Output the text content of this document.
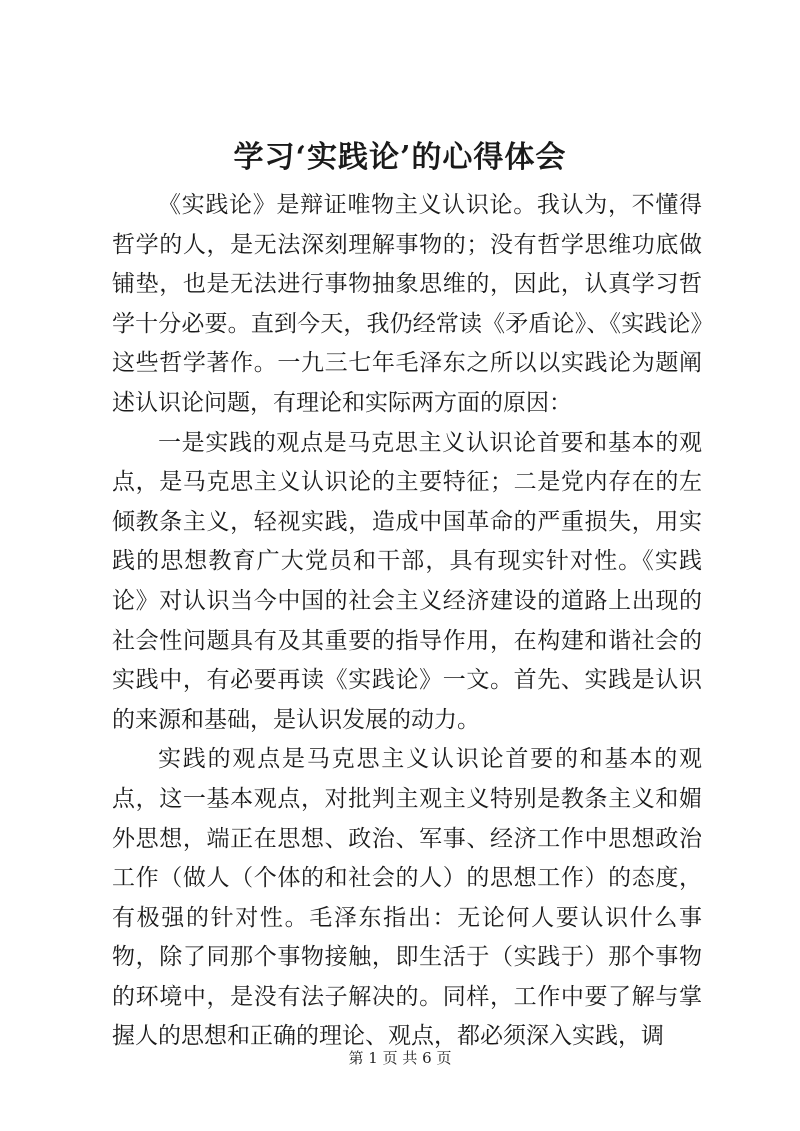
学习‘实践论’的心得体会

《实践论》是辩证唯物主义认识论。我认为，不懂得哲学的人，是无法深刻理解事物的；没有哲学思维功底做铺垫，也是无法进行事物抽象思维的，因此，认真学习哲学十分必要。直到今天，我仍经常读《矛盾论》、《实践论》这些哲学著作。一九三七年毛泽东之所以以实践论为题阐述认识论问题，有理论和实际两方面的原因：

一是实践的观点是马克思主义认识论首要和基本的观点，是马克思主义认识论的主要特征；二是党内存在的左倾教条主义，轻视实践，造成中国革命的严重损失，用实践的思想教育广大党员和干部，具有现实针对性。《实践论》对认识当今中国的社会主义经济建设的道路上出现的社会性问题具有及其重要的指导作用，在构建和谐社会的实践中，有必要再读《实践论》一文。首先、实践是认识的来源和基础，是认识发展的动力。

实践的观点是马克思主义认识论首要的和基本的观点，这一基本观点，对批判主观主义特别是教条主义和媚外思想，端正在思想、政治、军事、经济工作中思想政治工作（做人（个体的和社会的人）的思想工作）的态度，有极强的针对性。毛泽东指出：无论何人要认识什么事物，除了同那个事物接触，即生活于（实践于）那个事物的环境中，是没有法子解决的。同样，工作中要了解与掌握人的思想和正确的理论、观点，都必须深入实践，调

第 1 页 共 6 页
